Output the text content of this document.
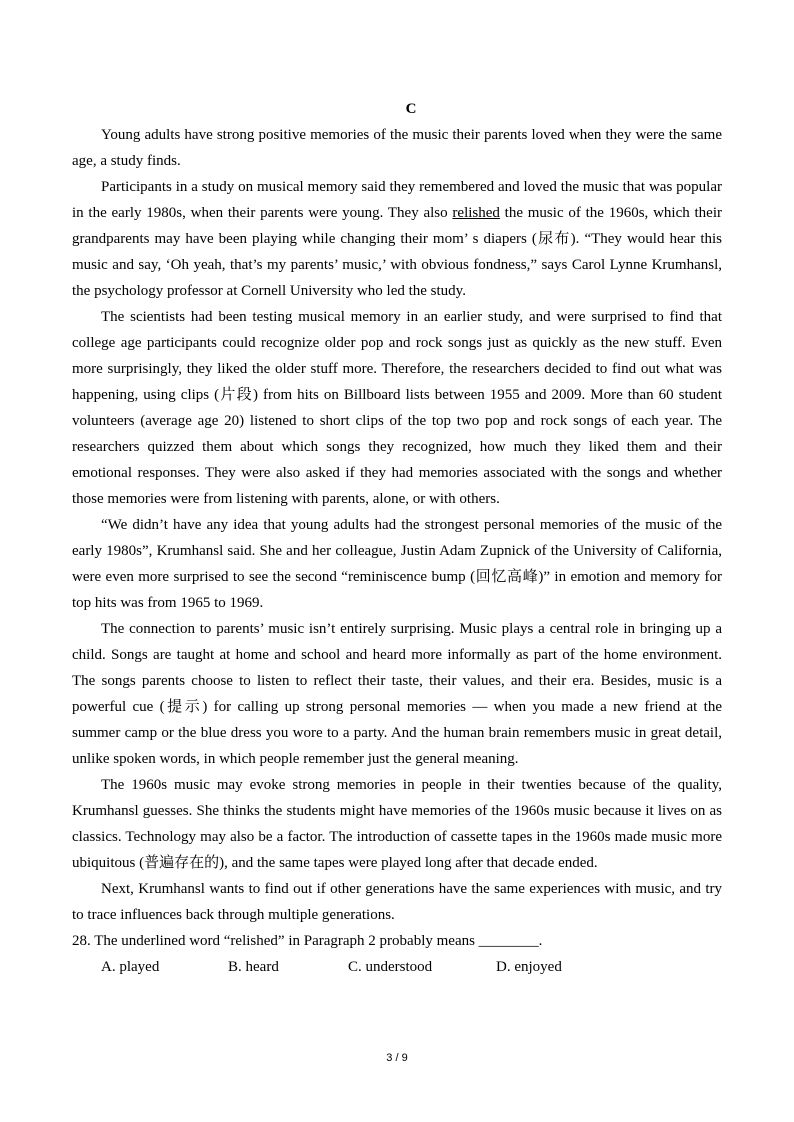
C

Young adults have strong positive memories of the music their parents loved when they were the same age, a study finds.

Participants in a study on musical memory said they remembered and loved the music that was popular in the early 1980s, when their parents were young. They also relished the music of the 1960s, which their grandparents may have been playing while changing their mom’ s diapers (尿布). “They would hear this music and say, ‘Oh yeah, that’s my parents’ music,’ with obvious fondness,” says Carol Lynne Krumhansl, the psychology professor at Cornell University who led the study.

The scientists had been testing musical memory in an earlier study, and were surprised to find that college age participants could recognize older pop and rock songs just as quickly as the new stuff. Even more surprisingly, they liked the older stuff more. Therefore, the researchers decided to find out what was happening, using clips (片段) from hits on Billboard lists between 1955 and 2009. More than 60 student volunteers (average age 20) listened to short clips of the top two pop and rock songs of each year. The researchers quizzed them about which songs they recognized, how much they liked them and their emotional responses. They were also asked if they had memories associated with the songs and whether those memories were from listening with parents, alone, or with others.

“We didn’t have any idea that young adults had the strongest personal memories of the music of the early 1980s”, Krumhansl said. She and her colleague, Justin Adam Zupnick of the University of California, were even more surprised to see the second “reminiscence bump (回忆高峰)” in emotion and memory for top hits was from 1965 to 1969.

The connection to parents’ music isn’t entirely surprising. Music plays a central role in bringing up a child. Songs are taught at home and school and heard more informally as part of the home environment. The songs parents choose to listen to reflect their taste, their values, and their era. Besides, music is a powerful cue (提示) for calling up strong personal memories — when you made a new friend at the summer camp or the blue dress you wore to a party. And the human brain remembers music in great detail, unlike spoken words, in which people remember just the general meaning.

The 1960s music may evoke strong memories in people in their twenties because of the quality, Krumhansl guesses. She thinks the students might have memories of the 1960s music because it lives on as classics. Technology may also be a factor. The introduction of cassette tapes in the 1960s made music more ubiquitous (普遍存在的), and the same tapes were played long after that decade ended.

Next, Krumhansl wants to find out if other generations have the same experiences with music, and try to trace influences back through multiple generations.

28. The underlined word “relished” in Paragraph 2 probably means ________.

A. played	B. heard	C. understood	D. enjoyed

3 / 9
